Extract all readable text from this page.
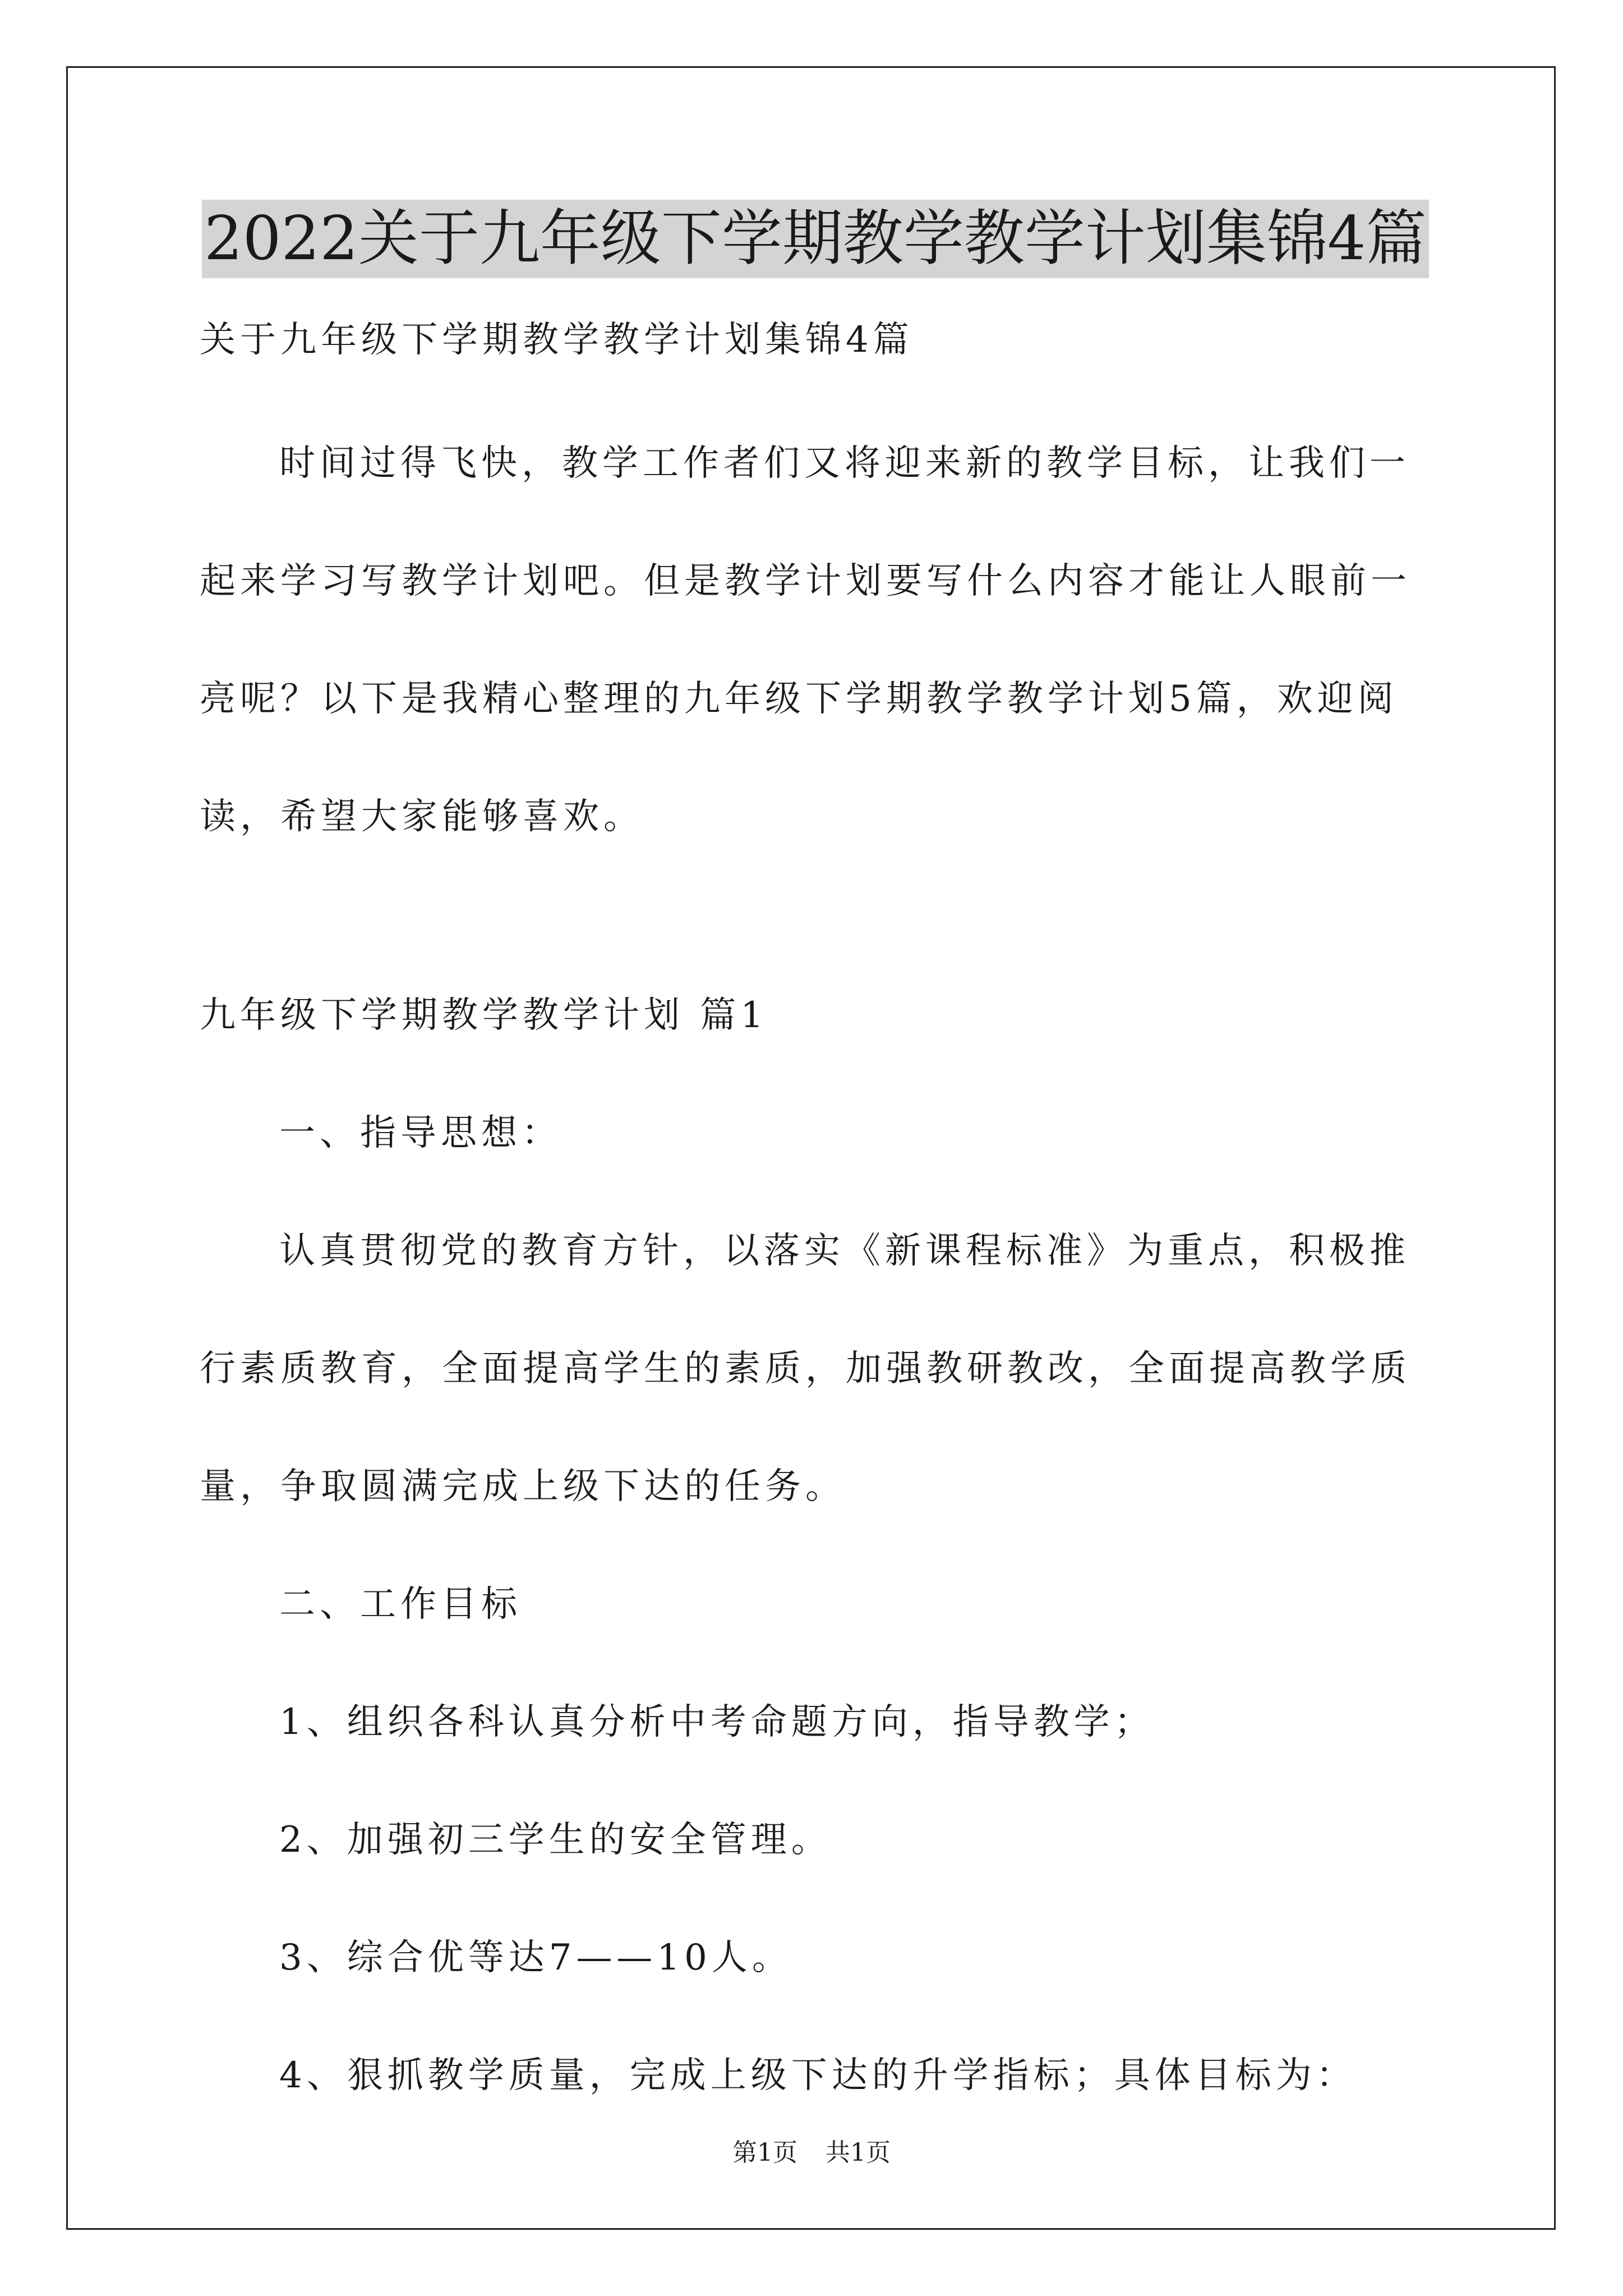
2022关于九年级下学期教学教学计划集锦4篇
关于九年级下学期教学教学计划集锦4篇
时间过得飞快，教学工作者们又将迎来新的教学目标，让我们一
起来学习写教学计划吧。但是教学计划要写什么内容才能让人眼前一
亮呢？以下是我精心整理的九年级下学期教学教学计划5篇，欢迎阅
读，希望大家能够喜欢。
九年级下学期教学教学计划 篇1
一、指导思想：
认真贯彻党的教育方针，以落实《新课程标准》为重点，积极推
行素质教育，全面提高学生的素质，加强教研教改，全面提高教学质
量，争取圆满完成上级下达的任务。
二、工作目标
1、组织各科认真分析中考命题方向，指导教学；
2、加强初三学生的安全管理。
3、综合优等达7——10人。
4、狠抓教学质量，完成上级下达的升学指标；具体目标为：
第1页 共1页
